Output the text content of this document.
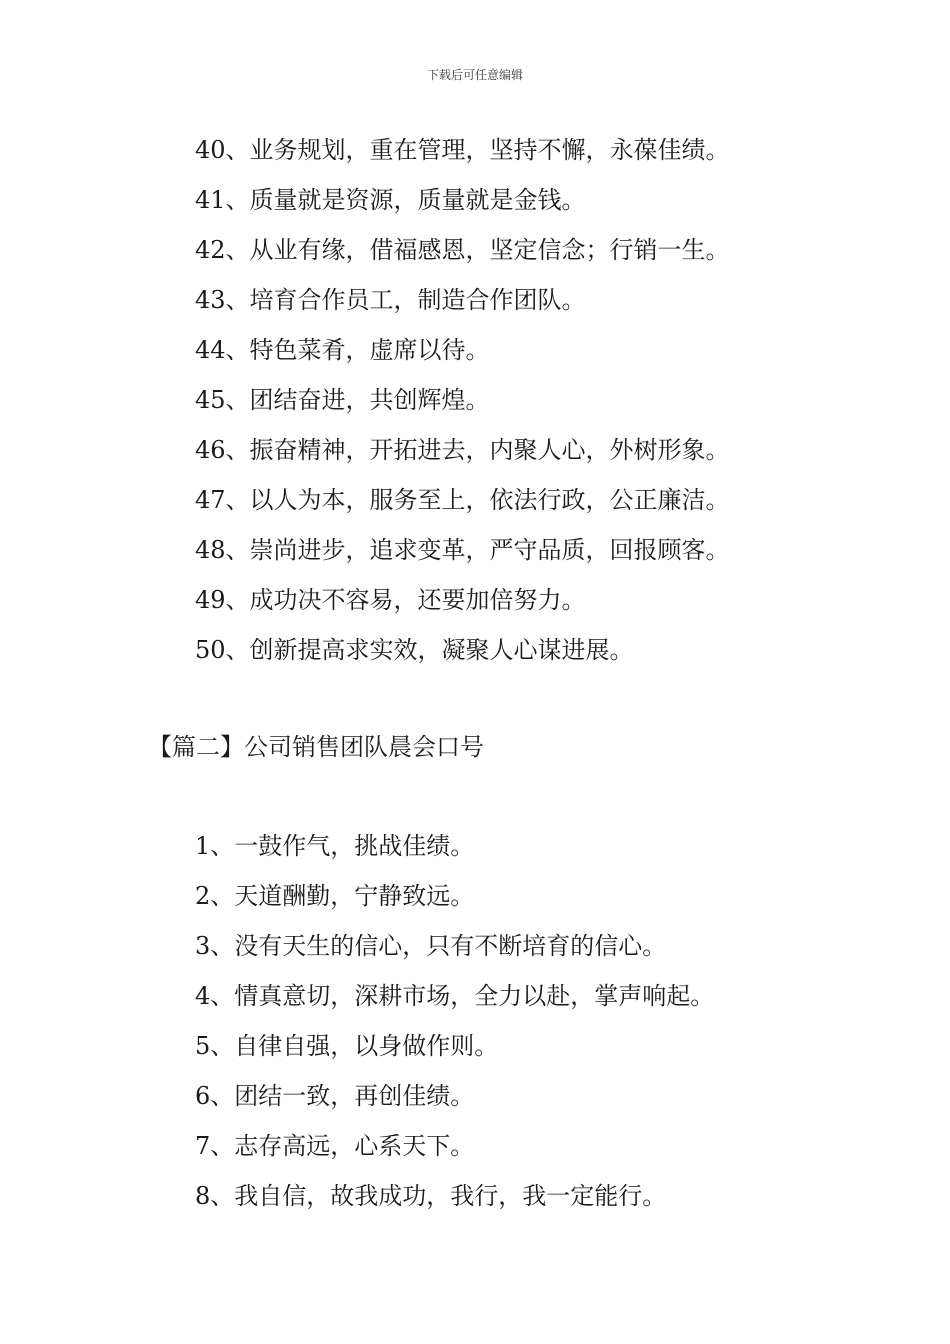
下载后可任意编辑
40、业务规划，重在管理，坚持不懈，永葆佳绩。
41、质量就是资源，质量就是金钱。
42、从业有缘，借福感恩，坚定信念；行销一生。
43、培育合作员工，制造合作团队。
44、特色菜肴，虚席以待。
45、团结奋进，共创辉煌。
46、振奋精神，开拓进去，内聚人心，外树形象。
47、以人为本，服务至上，依法行政，公正廉洁。
48、崇尚进步，追求变革，严守品质，回报顾客。
49、成功决不容易，还要加倍努力。
50、创新提高求实效，凝聚人心谋进展。
【篇二】公司销售团队晨会口号
1、一鼓作气，挑战佳绩。
2、天道酬勤，宁静致远。
3、没有天生的信心，只有不断培育的信心。
4、情真意切，深耕市场，全力以赴，掌声响起。
5、自律自强，以身做作则。
6、团结一致，再创佳绩。
7、志存高远，心系天下。
8、我自信，故我成功，我行，我一定能行。
